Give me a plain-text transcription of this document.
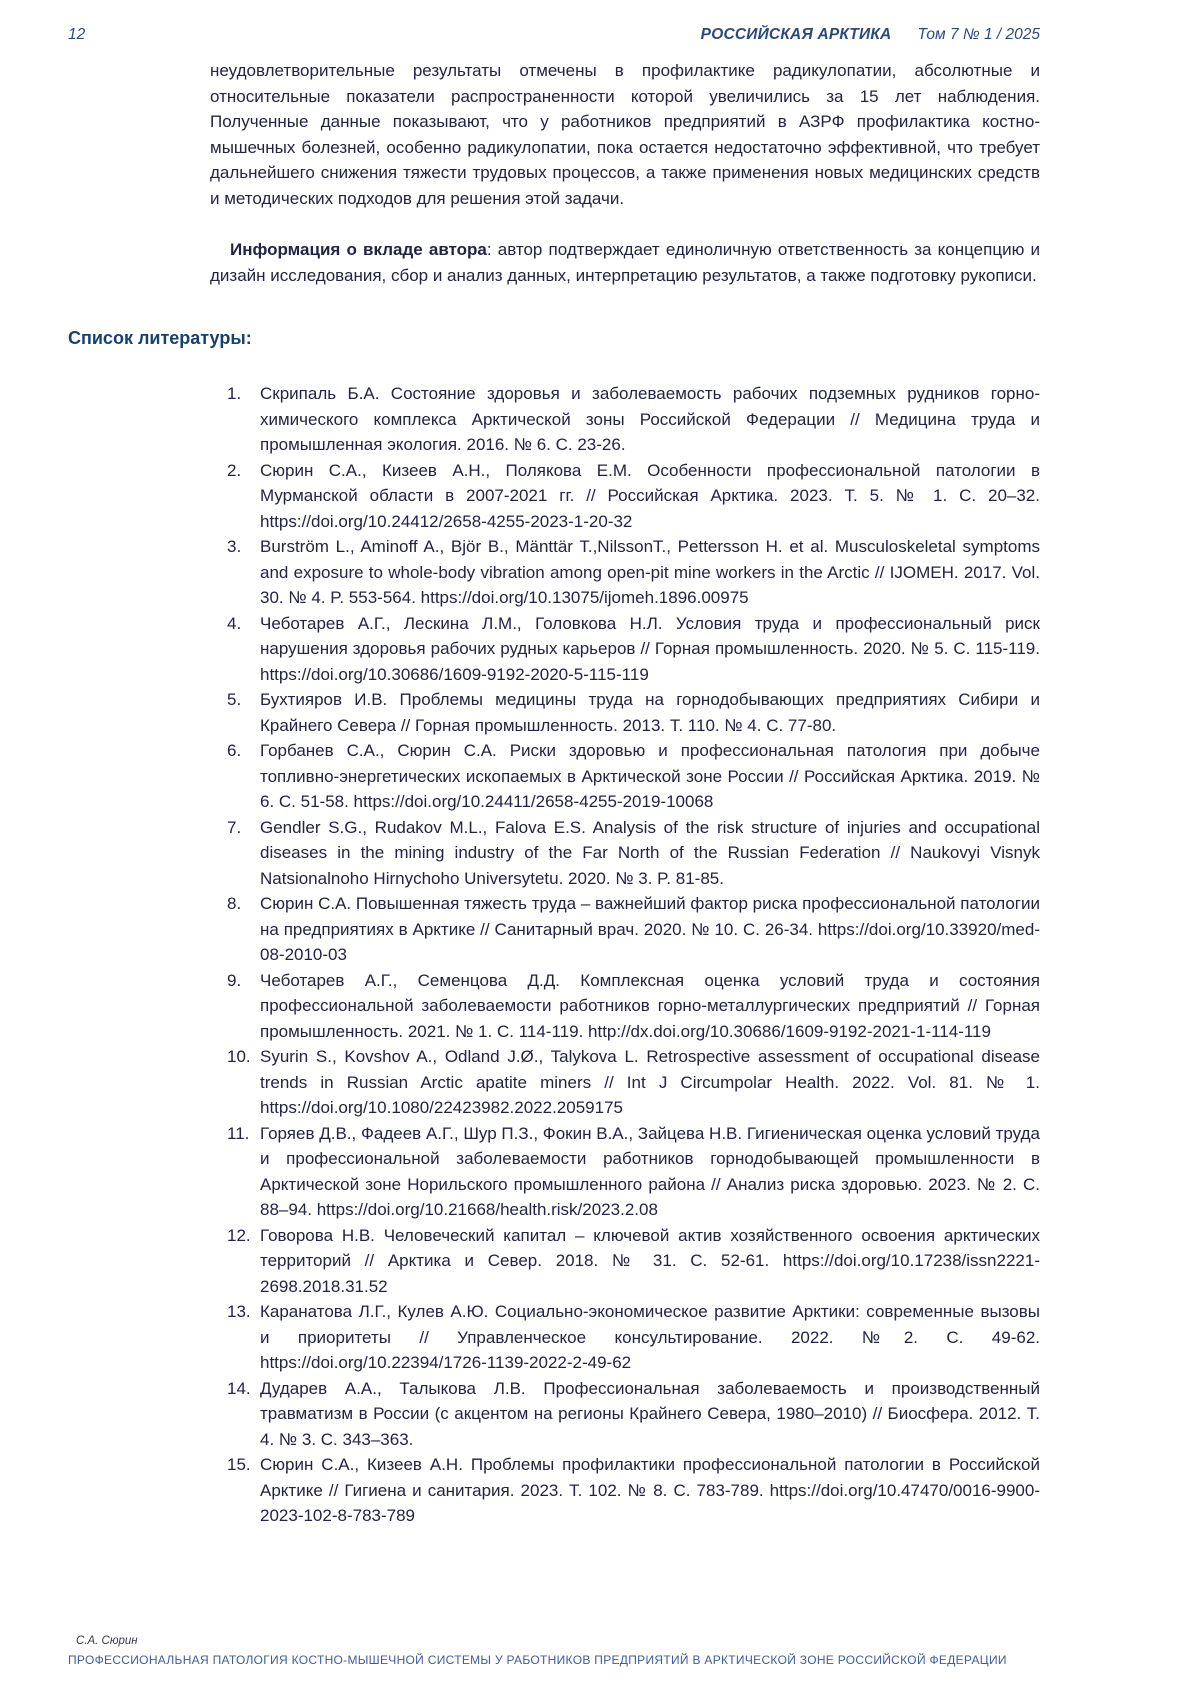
12	РОССИЙСКАЯ АРКТИКА Том 7 № 1 / 2025

неудовлетворительные результаты отмечены в профилактике радикулопатии, абсолютные и относительные показатели распространенности которой увеличились за 15 лет наблюдения. Полученные данные показывают, что у работников предприятий в АЗРФ профилактика костно-мышечных болезней, особенно радикулопатии, пока остается недостаточно эффективной, что требует дальнейшего снижения тяжести трудовых процессов, а также применения новых медицинских средств и методических подходов для решения этой задачи.

Информация о вкладе автора: автор подтверждает единоличную ответственность за концепцию и дизайн исследования, сбор и анализ данных, интерпретацию результатов, а также подготовку рукописи.

Список литературы:
Скрипаль Б.А. Состояние здоровья и заболеваемость рабочих подземных рудников горно-химического комплекса Арктической зоны Российской Федерации // Медицина труда и промышленная экология. 2016. № 6. С. 23-26.
Сюрин С.А., Кизеев А.Н., Полякова Е.М. Особенности профессиональной патологии в Мурманской области в 2007-2021 гг. // Российская Арктика. 2023. Т. 5. № 1. С. 20–32. https://doi.org/10.24412/2658-4255-2023-1-20-32
Burström L., Aminoff A., Björ B., Mänttär T.,NilssonT., Pettersson H. et al. Musculoskeletal symptoms and exposure to whole-body vibration among open-pit mine workers in the Arctic // IJOMEH. 2017. Vol. 30. № 4. P. 553-564. https://doi.org/10.13075/ijomeh.1896.00975
Чеботарев А.Г., Лескина Л.М., Головкова Н.Л. Условия труда и профессиональный риск нарушения здоровья рабочих рудных карьеров // Горная промышленность. 2020. № 5. С. 115-119. https://doi.org/10.30686/1609-9192-2020-5-115-119
Бухтияров И.В. Проблемы медицины труда на горнодобывающих предприятиях Сибири и Крайнего Севера // Горная промышленность. 2013. Т. 110. № 4. С. 77-80.
Горбанев С.А., Сюрин С.А. Риски здоровью и профессиональная патология при добыче топливно-энергетических ископаемых в Арктической зоне России // Российская Арктика. 2019. № 6. С. 51-58. https://doi.org/10.24411/2658-4255-2019-10068
Gendler S.G., Rudakov M.L., Falova E.S. Analysis of the risk structure of injuries and occupational diseases in the mining industry of the Far North of the Russian Federation // Naukovyi Visnyk Natsionalnoho Hirnychoho Universytetu. 2020. № 3. P. 81-85.
Сюрин С.А. Повышенная тяжесть труда – важнейший фактор риска профессиональной патологии на предприятиях в Арктике // Санитарный врач. 2020. № 10. С. 26-34. https://doi.org/10.33920/med-08-2010-03
Чеботарев А.Г., Семенцова Д.Д. Комплексная оценка условий труда и состояния профессиональной заболеваемости работников горно-металлургических предприятий // Горная промышленность. 2021. № 1. С. 114-119. http://dx.doi.org/10.30686/1609-9192-2021-1-114-119
Syurin S., Kovshov A., Odland J.Ø., Talykova L. Retrospective assessment of occupational disease trends in Russian Arctic apatite miners // Int J Circumpolar Health. 2022. Vol. 81. № 1. https://doi.org/10.1080/22423982.2022.2059175
Горяев Д.В., Фадеев А.Г., Шур П.З., Фокин В.А., Зайцева Н.В. Гигиеническая оценка условий труда и профессиональной заболеваемости работников горнодобывающей промышленности в Арктической зоне Норильского промышленного района // Анализ риска здоровью. 2023. № 2. С. 88–94. https://doi.org/10.21668/health.risk/2023.2.08
Говорова Н.В. Человеческий капитал – ключевой актив хозяйственного освоения арктических территорий // Арктика и Север. 2018. № 31. С. 52-61. https://doi.org/10.17238/issn2221-2698.2018.31.52
Каранатова Л.Г., Кулев А.Ю. Социально-экономическое развитие Арктики: современные вызовы и приоритеты // Управленческое консультирование. 2022. №2. С. 49-62. https://doi.org/10.22394/1726-1139-2022-2-49-62
Дударев А.А., Талыкова Л.В. Профессиональная заболеваемость и производственный травматизм в России (с акцентом на регионы Крайнего Севера, 1980–2010) // Биосфера. 2012. Т. 4. № 3. С. 343–363.
Сюрин С.А., Кизеев А.Н. Проблемы профилактики профессиональной патологии в Российской Арктике // Гигиена и санитария. 2023. Т. 102. № 8. С. 783-789. https://doi.org/10.47470/0016-9900-2023-102-8-783-789
С.А. Сюрин
ПРОФЕССИОНАЛЬНАЯ ПАТОЛОГИЯ КОСТНО-МЫШЕЧНОЙ СИСТЕМЫ У РАБОТНИКОВ ПРЕДПРИЯТИЙ В АРКТИЧЕСКОЙ ЗОНЕ РОССИЙСКОЙ ФЕДЕРАЦИИ
